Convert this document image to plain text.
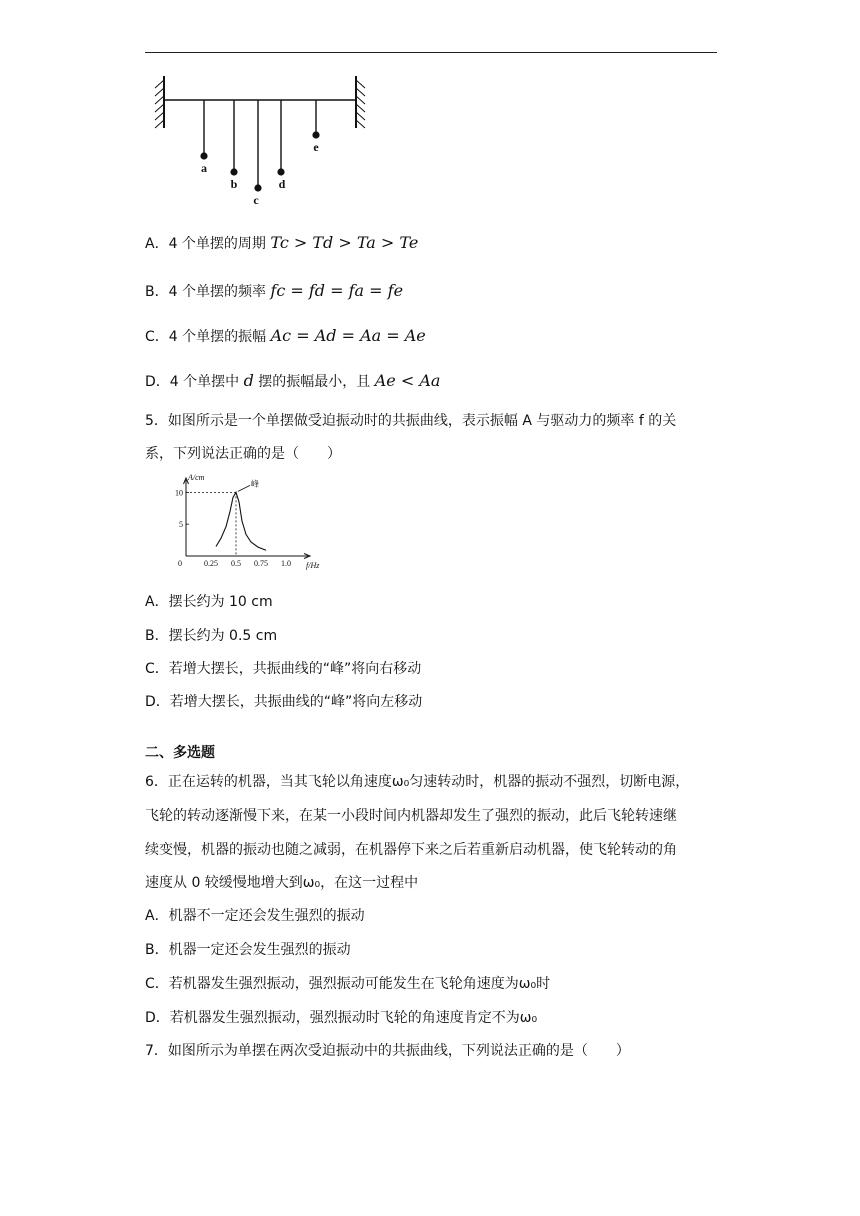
a
b
c
d
e
A．4 个单摆的周期 Tc > Td > Ta > Te
B．4 个单摆的频率 fc = fd = fa = fe
C．4 个单摆的振幅 Ac = Ad = Aa = Ae
D．4 个单摆中 d 摆的振幅最小，且 Ae < Aa
5．如图所示是一个单摆做受迫振动时的共振曲线，表示振幅 A 与驱动力的频率 f 的关
系，下列说法正确的是（　　）
A/cm
f/Hz
10
5
0	0.25 0.5 0.75 1.0
峰
A．摆长约为 10 cm
B．摆长约为 0.5 cm
C．若增大摆长，共振曲线的“峰”将向右移动
D．若增大摆长，共振曲线的“峰”将向左移动
二、多选题
6．正在运转的机器，当其飞轮以角速度ω₀匀速转动时，机器的振动不强烈，切断电源，
飞轮的转动逐渐慢下来，在某一小段时间内机器却发生了强烈的振动，此后飞轮转速继
续变慢，机器的振动也随之减弱，在机器停下来之后若重新启动机器，使飞轮转动的角
速度从 0 较缓慢地增大到ω₀，在这一过程中
A．机器不一定还会发生强烈的振动
B．机器一定还会发生强烈的振动
C．若机器发生强烈振动，强烈振动可能发生在飞轮角速度为ω₀时
D．若机器发生强烈振动，强烈振动时飞轮的角速度肯定不为ω₀
7．如图所示为单摆在两次受迫振动中的共振曲线，下列说法正确的是（　　）
